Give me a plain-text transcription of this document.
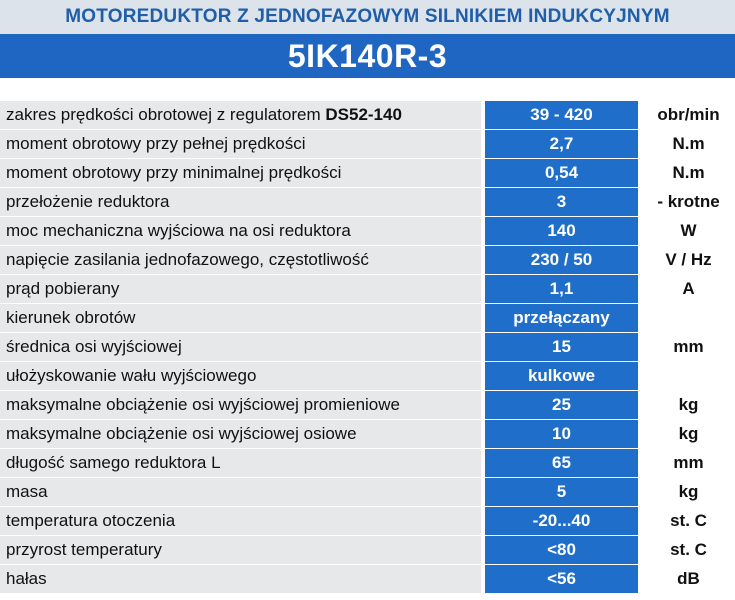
MOTOREDUKTOR Z JEDNOFAZOWYM SILNIKIEM INDUKCYJNYM
5IK140R-3
zakres prędkości obrotowej z regulatorem DS52-140	39 - 420	obr/min
moment obrotowy przy pełnej prędkości	2,7	N.m
moment obrotowy przy minimalnej prędkości	0,54	N.m
przełożenie reduktora	3	- krotne
moc mechaniczna wyjściowa na osi reduktora	140	W
napięcie zasilania jednofazowego, częstotliwość	230 / 50	V / Hz
prąd pobierany	1,1	A
kierunek obrotów	przełączany
średnica osi wyjściowej	15	mm
ułożyskowanie wału wyjściowego	kulkowe
maksymalne obciążenie osi wyjściowej promieniowe	25	kg
maksymalne obciążenie osi wyjściowej osiowe	10	kg
długość samego reduktora L	65	mm
masa	5	kg
temperatura otoczenia	-20...40	st. C
przyrost temperatury	<80	st. C
hałas	<56	dB
